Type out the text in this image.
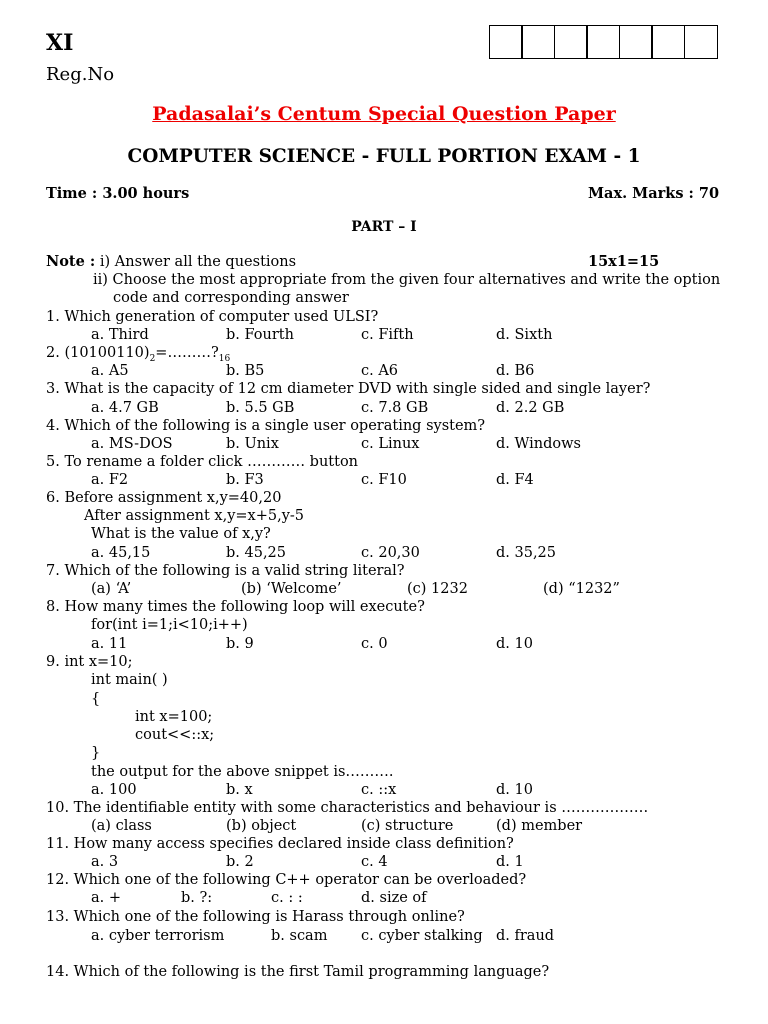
XI
Reg.No
Padasalai’s Centum Special Question Paper
COMPUTER SCIENCE - FULL PORTION EXAM - 1
Time : 3.00 hours	Max. Marks : 70
PART – I
Note : i) Answer all the questions	15x1=15
ii) Choose the most appropriate from the given four alternatives and write the option
code and corresponding answer
1. Which generation of computer used ULSI?
a. Third	b. Fourth	c. Fifth	d. Sixth
2. $(10100110)_2=\dots\dots\dots?_{16}$
a. A5	b. B5	c. A6	d. B6
3. What is the capacity of 12 cm diameter DVD with single sided and single layer?
a. 4.7 GB	b. 5.5 GB	c. 7.8 GB	d. 2.2 GB
4. Which of the following is a single user operating system?
a. MS-DOS	b. Unix	c. Linux	d. Windows
5. To rename a folder click ………… button
a. F2	b. F3	c. F10	d. F4
6. Before assignment x,y=40,20
After assignment x,y=x+5,y-5
What is the value of x,y?
a. 45,15	b. 45,25	c. 20,30	d. 35,25
7. Which of the following is a valid string literal?
(a) ‘A’	(b) ‘Welcome’	(c) 1232	(d) “1232”
8. How many times the following loop will execute?
for(int i=1;i<10;i++)
a. 11	b. 9	c. 0	d. 10
9. int x=10;
int main( )
{
int x=100;
cout<<::x;
}
the output for the above snippet is……….
a. 100	b. x	c. ::x	d. 10
10. The identifiable entity with some characteristics and behaviour is ………………
(a) class	(b) object	(c) structure	(d) member
11. How many access specifies declared inside class definition?
a. 3	b. 2	c. 4	d. 1
12. Which one of the following C++ operator can be overloaded?
a. +	b. ?:	c. : :	d. size of
13. Which one of the following is Harass through online?
a. cyber terrorism	b. scam c. cyber stalking d. fraud
14. Which of the following is the first Tamil programming language?
